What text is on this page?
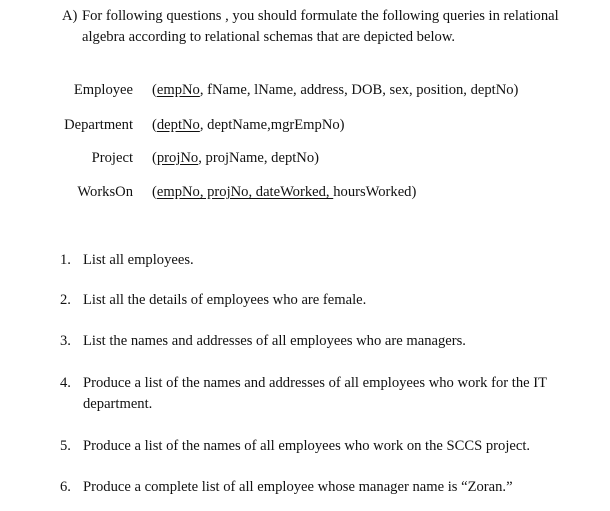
A) For following questions , you should formulate the following queries in relational
algebra according to relational schemas that are depicted below.
Employee (empNo, fName, lName, address, DOB, sex, position, deptNo)
Department (deptNo, deptName,mgrEmpNo)
Project (projNo, projName, deptNo)
WorksOn (empNo, projNo, dateWorked, hoursWorked)
1. List all employees.
2. List all the details of employees who are female.
3. List the names and addresses of all employees who are managers.
4. Produce a list of the names and addresses of all employees who work for the IT
department.
5. Produce a list of the names of all employees who work on the SCCS project.
6. Produce a complete list of all employee whose manager name is “Zoran.”
